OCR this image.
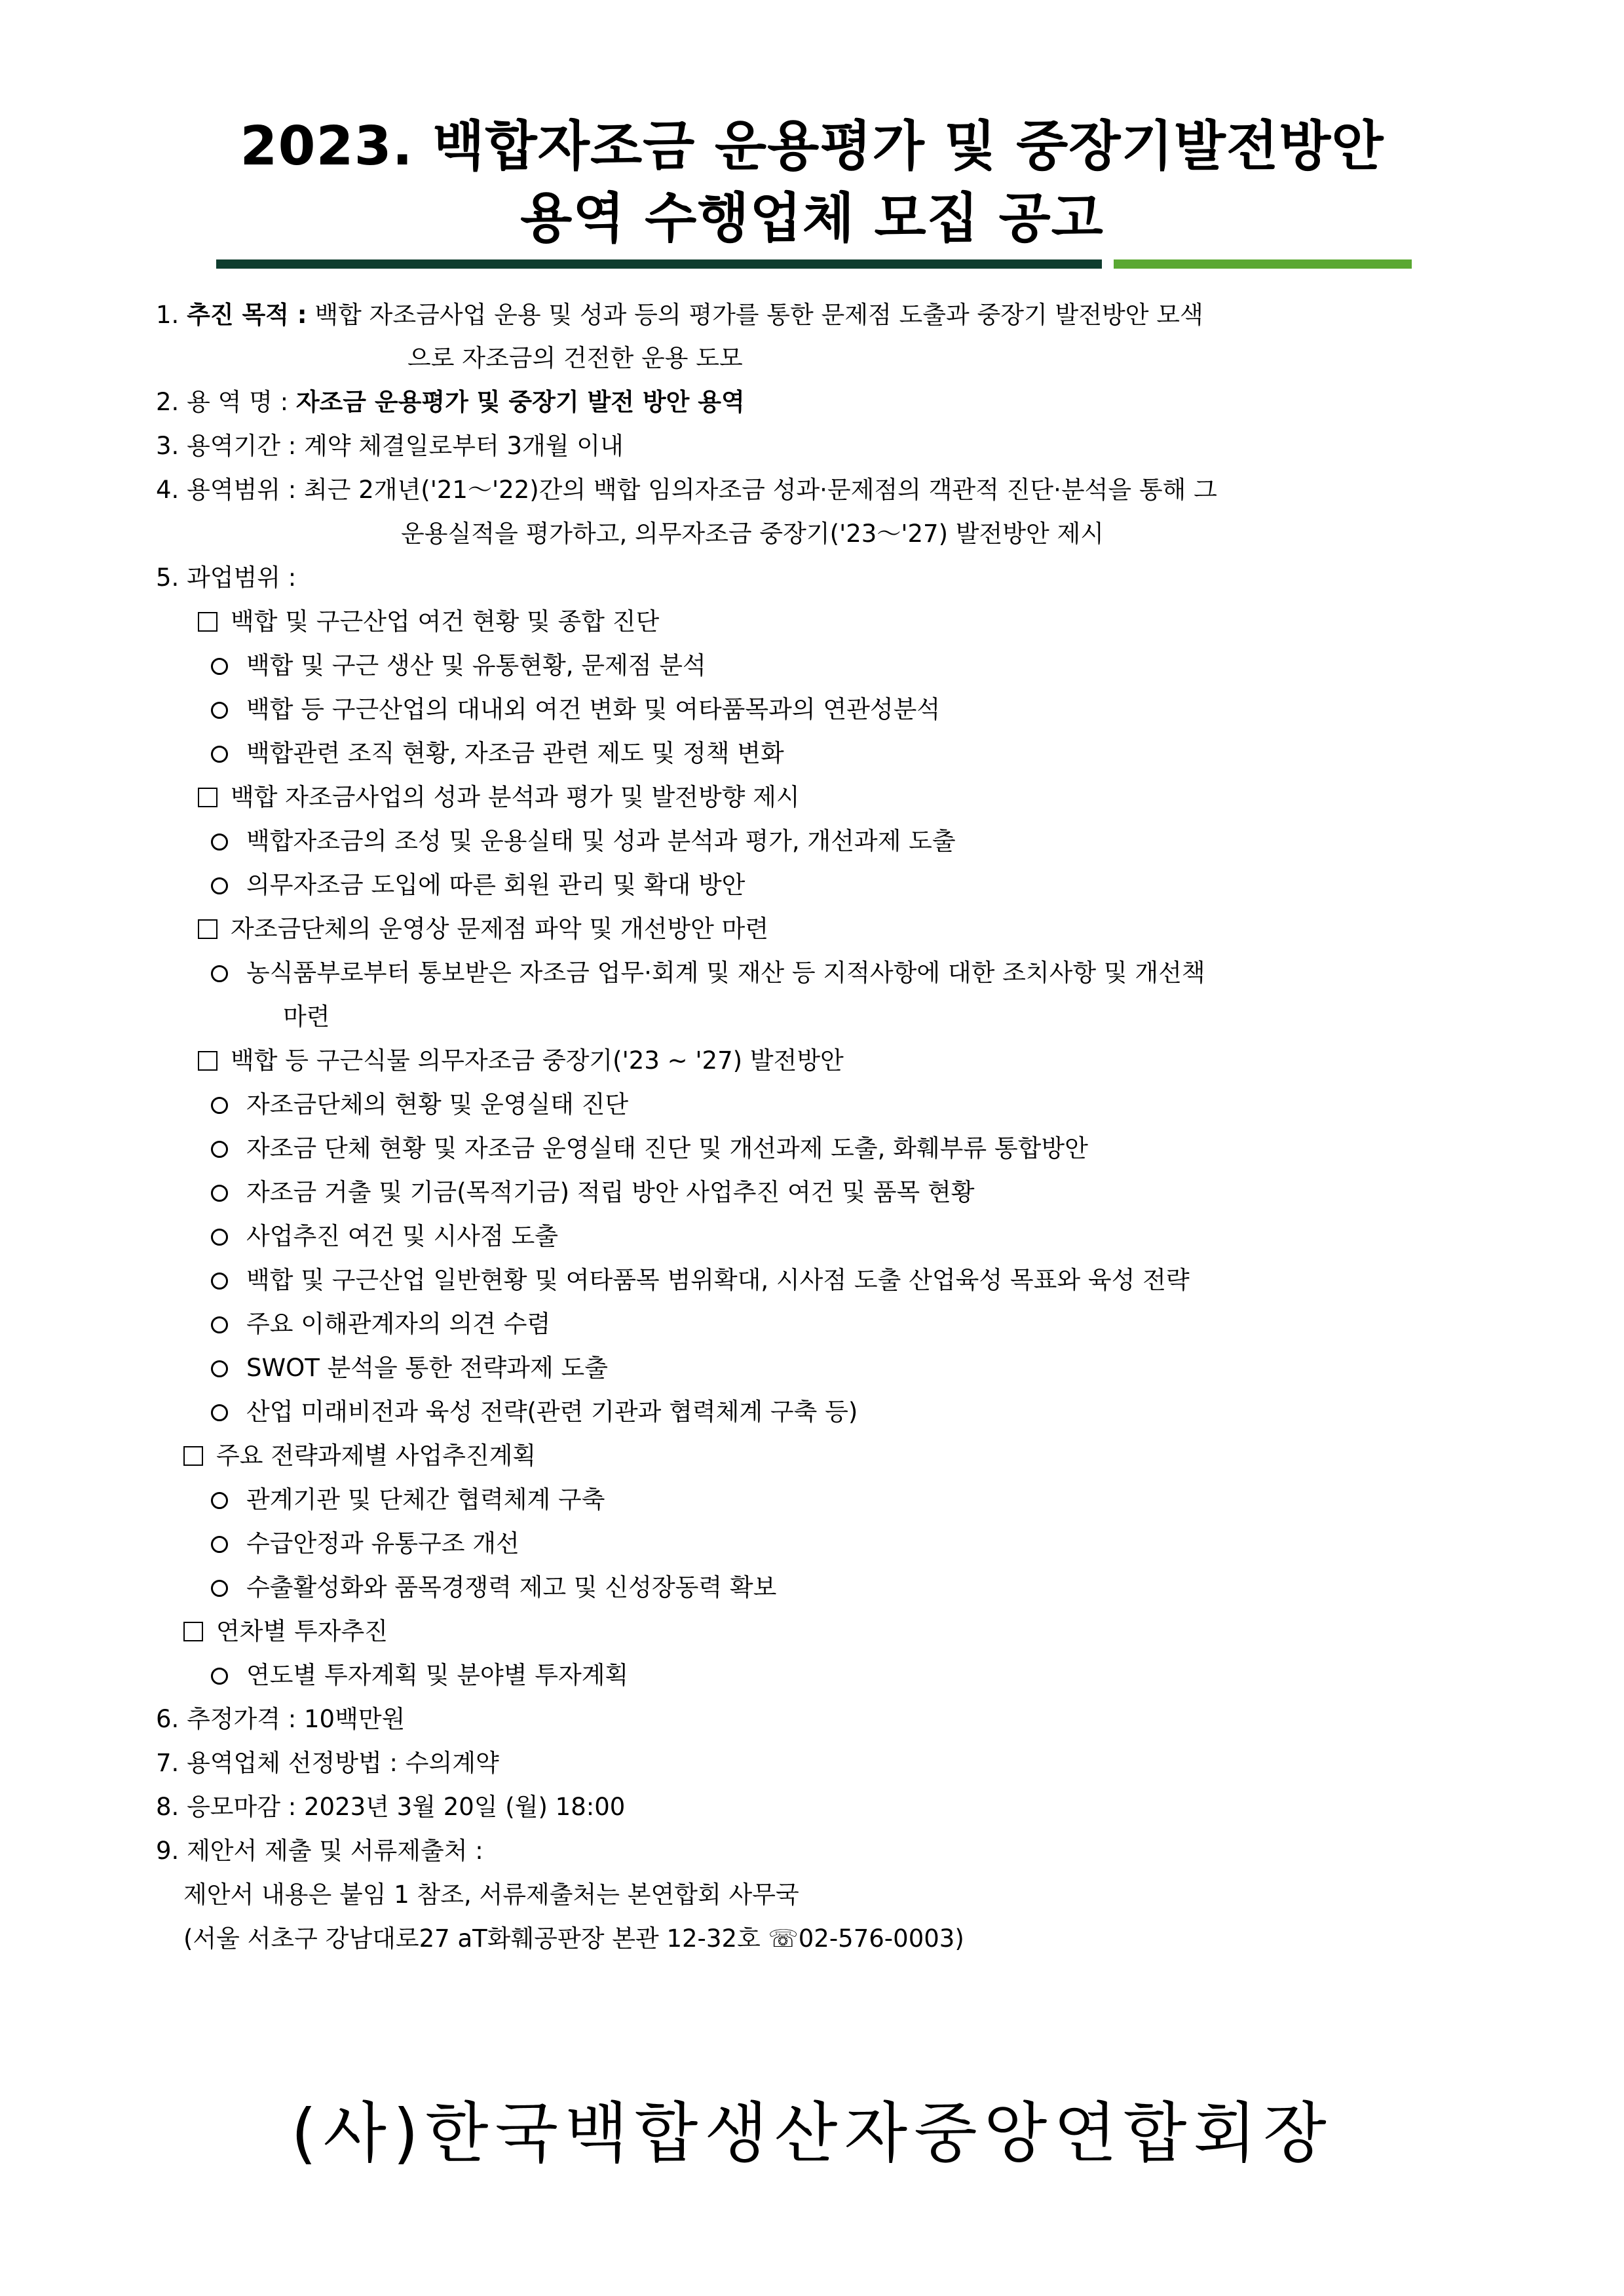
2023. 백합자조금 운용평가 및 중장기발전방안
용역 수행업체 모집 공고
1. 추진 목적 : 백합 자조금사업 운용 및 성과 등의 평가를 통한 문제점 도출과 중장기 발전방안 모색
으로 자조금의 건전한 운용 도모
2. 용 역 명 : 자조금 운용평가 및 중장기 발전 방안 용역
3. 용역기간 : 계약 체결일로부터 3개월 이내
4. 용역범위 : 최근 2개년('21～'22)간의 백합 임의자조금 성과·문제점의 객관적 진단·분석을 통해 그
운용실적을 평가하고, 의무자조금 중장기('23～'27) 발전방안 제시
5. 과업범위 :
백합 및 구근산업 여건 현황 및 종합 진단
백합 및 구근 생산 및 유통현황, 문제점 분석
백합 등 구근산업의 대내외 여건 변화 및 여타품목과의 연관성분석
백합관련 조직 현황, 자조금 관련 제도 및 정책 변화
백합 자조금사업의 성과 분석과 평가 및 발전방향 제시
백합자조금의 조성 및 운용실태 및 성과 분석과 평가, 개선과제 도출
의무자조금 도입에 따른 회원 관리 및 확대 방안
자조금단체의 운영상 문제점 파악 및 개선방안 마련
농식품부로부터 통보받은 자조금 업무·회계 및 재산 등 지적사항에 대한 조치사항 및 개선책
마련
백합 등 구근식물 의무자조금 중장기('23 ~ '27) 발전방안
자조금단체의 현황 및 운영실태 진단
자조금 단체 현황 및 자조금 운영실태 진단 및 개선과제 도출, 화훼부류 통합방안
자조금 거출 및 기금(목적기금) 적립 방안 사업추진 여건 및 품목 현황
사업추진 여건 및 시사점 도출
백합 및 구근산업 일반현황 및 여타품목 범위확대, 시사점 도출 산업육성 목표와 육성 전략
주요 이해관계자의 의견 수렴
SWOT 분석을 통한 전략과제 도출
산업 미래비전과 육성 전략(관련 기관과 협력체계 구축 등)
주요 전략과제별 사업추진계획
관계기관 및 단체간 협력체계 구축
수급안정과 유통구조 개선
수출활성화와 품목경쟁력 제고 및 신성장동력 확보
연차별 투자추진
연도별 투자계획 및 분야별 투자계획
6. 추정가격 : 10백만원
7. 용역업체 선정방법 : 수의계약
8. 응모마감 : 2023년 3월 20일 (월) 18:00
9. 제안서 제출 및 서류제출처 :
제안서 내용은 붙임 1 참조, 서류제출처는 본연합회 사무국
(서울 서초구 강남대로27 aT화훼공판장 본관 12-32호 ☏02-576-0003)
(사)한국백합생산자중앙연합회장
